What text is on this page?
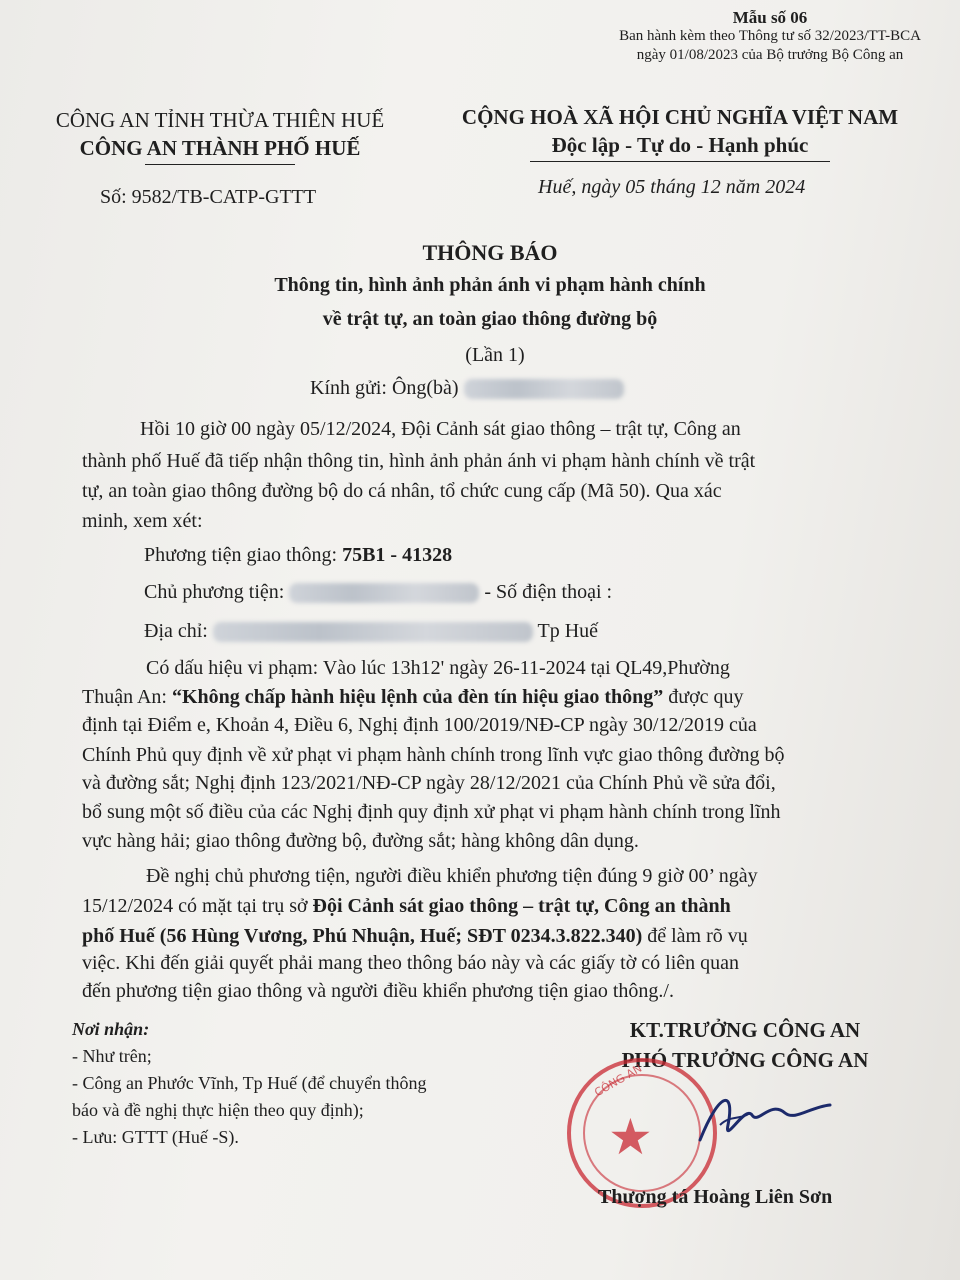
Mẫu số 06
Ban hành kèm theo Thông tư số 32/2023/TT-BCA
ngày 01/08/2023 của Bộ trưởng Bộ Công an
CÔNG AN TỈNH THỪA THIÊN HUẾ
CÔNG AN THÀNH PHỐ HUẾ
CỘNG HOÀ XÃ HỘI CHỦ NGHĨA VIỆT NAM
Độc lập - Tự do - Hạnh phúc
Số: 9582/TB-CATP-GTTT	Huế, ngày 05 tháng 12 năm 2024
THÔNG BÁO
Thông tin, hình ảnh phản ánh vi phạm hành chính
về trật tự, an toàn giao thông đường bộ
(Lần 1)
Kính gửi: Ông(bà)
Hồi 10 giờ 00 ngày 05/12/2024, Đội Cảnh sát giao thông – trật tự, Công an
thành phố Huế đã tiếp nhận thông tin, hình ảnh phản ánh vi phạm hành chính về trật
tự, an toàn giao thông đường bộ do cá nhân, tổ chức cung cấp (Mã 50). Qua xác
minh, xem xét:
Phương tiện giao thông: 75B1 - 41328
Chủ phương tiện:	- Số điện thoại :
Địa chỉ:	Tp Huế
Có dấu hiệu vi phạm: Vào lúc 13h12' ngày 26-11-2024 tại QL49,Phường
Thuận An: “Không chấp hành hiệu lệnh của đèn tín hiệu giao thông” được quy
định tại Điểm e, Khoản 4, Điều 6, Nghị định 100/2019/NĐ-CP ngày 30/12/2019 của
Chính Phủ quy định về xử phạt vi phạm hành chính trong lĩnh vực giao thông đường bộ
và đường sắt; Nghị định 123/2021/NĐ-CP ngày 28/12/2021 của Chính Phủ về sửa đổi,
bổ sung một số điều của các Nghị định quy định xử phạt vi phạm hành chính trong lĩnh
vực hàng hải; giao thông đường bộ, đường sắt; hàng không dân dụng.
Đề nghị chủ phương tiện, người điều khiển phương tiện đúng 9 giờ 00’ ngày
15/12/2024 có mặt tại trụ sở Đội Cảnh sát giao thông – trật tự, Công an thành
phố Huế (56 Hùng Vương, Phú Nhuận, Huế; SĐT 0234.3.822.340) để làm rõ vụ
việc. Khi đến giải quyết phải mang theo thông báo này và các giấy tờ có liên quan
đến phương tiện giao thông và người điều khiển phương tiện giao thông./.
Nơi nhận:
- Như trên;
- Công an Phước Vĩnh, Tp Huế (để chuyển thông
báo và đề nghị thực hiện theo quy định);
- Lưu: GTTT (Huế -S).
KT.TRƯỞNG CÔNG AN
PHÓ TRƯỞNG CÔNG AN
★
CÔNG AN
Thượng tá Hoàng Liên Sơn
